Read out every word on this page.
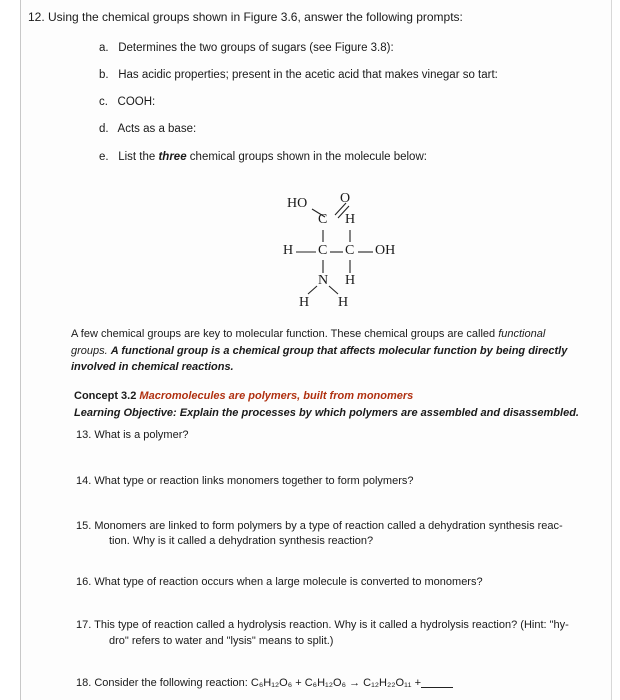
12. Using the chemical groups shown in Figure 3.6, answer the following prompts:
a. Determines the two groups of sugars (see Figure 3.8):
b. Has acidic properties; present in the acetic acid that makes vinegar so tart:
c. COOH:
d. Acts as a base:
e. List the three chemical groups shown in the molecule below:
HO O
C H
H C C OH
N H
H H
A few chemical groups are key to molecular function. These chemical groups are called functional
groups. A functional group is a chemical group that affects molecular function by being directly
involved in chemical reactions.
Concept 3.2 Macromolecules are polymers, built from monomers
Learning Objective: Explain the processes by which polymers are assembled and disassembled.
13. What is a polymer?
14. What type or reaction links monomers together to form polymers?
15. Monomers are linked to form polymers by a type of reaction called a dehydration synthesis reac-
tion. Why is it called a dehydration synthesis reaction?
16. What type of reaction occurs when a large molecule is converted to monomers?
17. This type of reaction called a hydrolysis reaction. Why is it called a hydrolysis reaction? (Hint: "hy-
dro" refers to water and "lysis" means to split.)
18. Consider the following reaction: C₆H₁₂O₆ + C₆H₁₂O₆ → C₁₂H₂₂O₁₁ +
